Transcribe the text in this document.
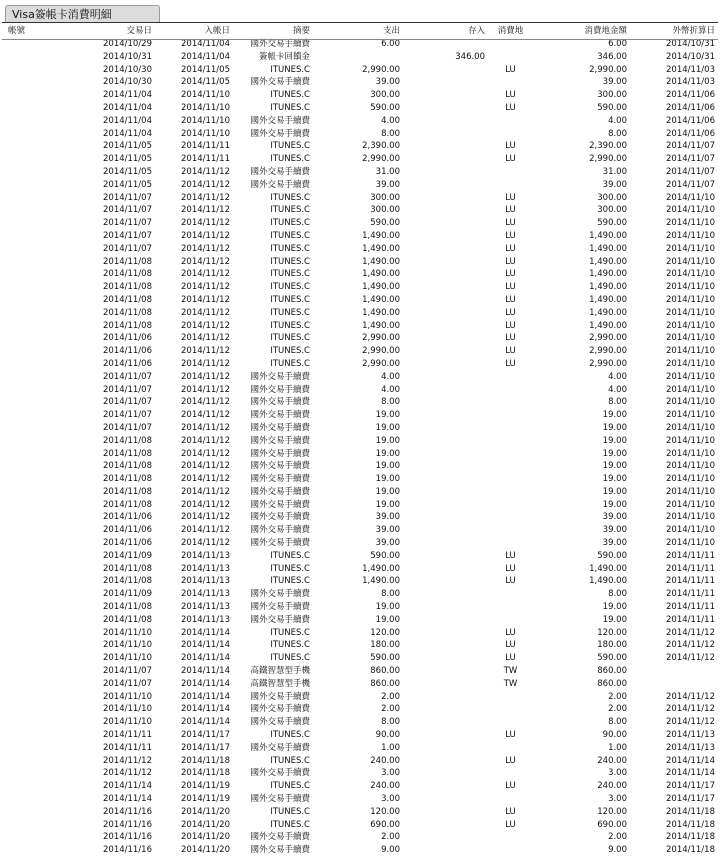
Visa簽帳卡消費明細
帳號	交易日	入帳日	摘要	支出	存入	消費地	消費地金額	外幣折算日
	2014/10/29	2014/11/04	國外交易手續費	6.00			6.00	2014/10/31
	2014/10/31	2014/11/04	簽帳卡回饋金		346.00		346.00	2014/10/31
	2014/10/30	2014/11/05	ITUNES.C	2,990.00		LU	2,990.00	2014/11/03
	2014/10/30	2014/11/05	國外交易手續費	39.00			39.00	2014/11/03
	2014/11/04	2014/11/10	ITUNES.C	300.00		LU	300.00	2014/11/06
	2014/11/04	2014/11/10	ITUNES.C	590.00		LU	590.00	2014/11/06
	2014/11/04	2014/11/10	國外交易手續費	4.00			4.00	2014/11/06
	2014/11/04	2014/11/10	國外交易手續費	8.00			8.00	2014/11/06
	2014/11/05	2014/11/11	ITUNES.C	2,390.00		LU	2,390.00	2014/11/07
	2014/11/05	2014/11/11	ITUNES.C	2,990.00		LU	2,990.00	2014/11/07
	2014/11/05	2014/11/12	國外交易手續費	31.00			31.00	2014/11/07
	2014/11/05	2014/11/12	國外交易手續費	39.00			39.00	2014/11/07
	2014/11/07	2014/11/12	ITUNES.C	300.00		LU	300.00	2014/11/10
	2014/11/07	2014/11/12	ITUNES.C	300.00		LU	300.00	2014/11/10
	2014/11/07	2014/11/12	ITUNES.C	590.00		LU	590.00	2014/11/10
	2014/11/07	2014/11/12	ITUNES.C	1,490.00		LU	1,490.00	2014/11/10
	2014/11/07	2014/11/12	ITUNES.C	1,490.00		LU	1,490.00	2014/11/10
	2014/11/08	2014/11/12	ITUNES.C	1,490.00		LU	1,490.00	2014/11/10
	2014/11/08	2014/11/12	ITUNES.C	1,490.00		LU	1,490.00	2014/11/10
	2014/11/08	2014/11/12	ITUNES.C	1,490.00		LU	1,490.00	2014/11/10
	2014/11/08	2014/11/12	ITUNES.C	1,490.00		LU	1,490.00	2014/11/10
	2014/11/08	2014/11/12	ITUNES.C	1,490.00		LU	1,490.00	2014/11/10
	2014/11/08	2014/11/12	ITUNES.C	1,490.00		LU	1,490.00	2014/11/10
	2014/11/06	2014/11/12	ITUNES.C	2,990.00		LU	2,990.00	2014/11/10
	2014/11/06	2014/11/12	ITUNES.C	2,990.00		LU	2,990.00	2014/11/10
	2014/11/06	2014/11/12	ITUNES.C	2,990.00		LU	2,990.00	2014/11/10
	2014/11/07	2014/11/12	國外交易手續費	4.00			4.00	2014/11/10
	2014/11/07	2014/11/12	國外交易手續費	4.00			4.00	2014/11/10
	2014/11/07	2014/11/12	國外交易手續費	8.00			8.00	2014/11/10
	2014/11/07	2014/11/12	國外交易手續費	19.00			19.00	2014/11/10
	2014/11/07	2014/11/12	國外交易手續費	19.00			19.00	2014/11/10
	2014/11/08	2014/11/12	國外交易手續費	19.00			19.00	2014/11/10
	2014/11/08	2014/11/12	國外交易手續費	19.00			19.00	2014/11/10
	2014/11/08	2014/11/12	國外交易手續費	19.00			19.00	2014/11/10
	2014/11/08	2014/11/12	國外交易手續費	19.00			19.00	2014/11/10
	2014/11/08	2014/11/12	國外交易手續費	19.00			19.00	2014/11/10
	2014/11/08	2014/11/12	國外交易手續費	19.00			19.00	2014/11/10
	2014/11/06	2014/11/12	國外交易手續費	39.00			39.00	2014/11/10
	2014/11/06	2014/11/12	國外交易手續費	39.00			39.00	2014/11/10
	2014/11/06	2014/11/12	國外交易手續費	39.00			39.00	2014/11/10
	2014/11/09	2014/11/13	ITUNES.C	590.00		LU	590.00	2014/11/11
	2014/11/08	2014/11/13	ITUNES.C	1,490.00		LU	1,490.00	2014/11/11
	2014/11/08	2014/11/13	ITUNES.C	1,490.00		LU	1,490.00	2014/11/11
	2014/11/09	2014/11/13	國外交易手續費	8.00			8.00	2014/11/11
	2014/11/08	2014/11/13	國外交易手續費	19.00			19.00	2014/11/11
	2014/11/08	2014/11/13	國外交易手續費	19.00			19.00	2014/11/11
	2014/11/10	2014/11/14	ITUNES.C	120.00		LU	120.00	2014/11/12
	2014/11/10	2014/11/14	ITUNES.C	180.00		LU	180.00	2014/11/12
	2014/11/10	2014/11/14	ITUNES.C	590.00		LU	590.00	2014/11/12
	2014/11/07	2014/11/14	高鐵智慧型手機	860.00		TW	860.00	
	2014/11/07	2014/11/14	高鐵智慧型手機	860.00		TW	860.00	
	2014/11/10	2014/11/14	國外交易手續費	2.00			2.00	2014/11/12
	2014/11/10	2014/11/14	國外交易手續費	2.00			2.00	2014/11/12
	2014/11/10	2014/11/14	國外交易手續費	8.00			8.00	2014/11/12
	2014/11/11	2014/11/17	ITUNES.C	90.00		LU	90.00	2014/11/13
	2014/11/11	2014/11/17	國外交易手續費	1.00			1.00	2014/11/13
	2014/11/12	2014/11/18	ITUNES.C	240.00		LU	240.00	2014/11/14
	2014/11/12	2014/11/18	國外交易手續費	3.00			3.00	2014/11/14
	2014/11/14	2014/11/19	ITUNES.C	240.00		LU	240.00	2014/11/17
	2014/11/14	2014/11/19	國外交易手續費	3.00			3.00	2014/11/17
	2014/11/16	2014/11/20	ITUNES.C	120.00		LU	120.00	2014/11/18
	2014/11/16	2014/11/20	ITUNES.C	690.00		LU	690.00	2014/11/18
	2014/11/16	2014/11/20	國外交易手續費	2.00			2.00	2014/11/18
	2014/11/16	2014/11/20	國外交易手續費	9.00			9.00	2014/11/18
